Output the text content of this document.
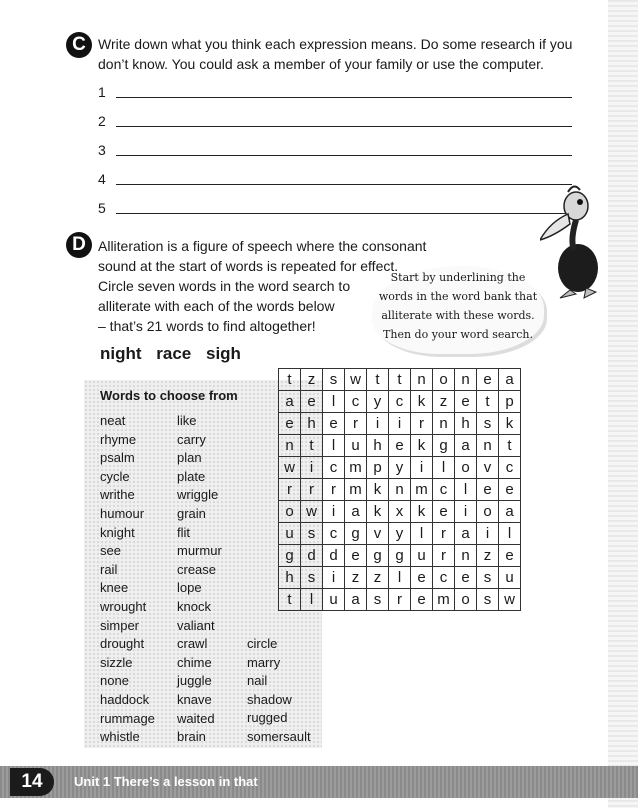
C Write down what you think each expression means. Do some research if you
don’t know. You could ask a member of your family or use the computer.
1
2
3
4
5
D Alliteration is a figure of speech where the consonant
sound at the start of words is repeated for effect.
Circle seven words in the word search to
alliterate with each of the words below
– that’s 21 words to find altogether!
Start by underlining the
words in the word bank that
alliterate with these words.
Then do your word search.
night race sigh
Words to choose from
neat
rhyme
psalm
cycle
writhe
humour
knight
see
rail
knee
wrought
simper
drought
sizzle
none
haddock
rummage
whistle
like
carry
plan
plate
wriggle
grain
flit
murmur
crease
lope
knock
valiant
crawl
chime
juggle
knave
waited
brain
circle
marry
nail
shadow
rugged
somersault
t	z	s	w	t	t	n	o	n	e	a
a	e	l	c	y	c	k	z	e	t	p
e	h	e	r	i	i	r	n	h	s	k
n	t	l	u	h	e	k	g	a	n	t
w	i	c	m	p	y	i	l	o	v	c
r	r	r	m	k	n	m	c	l	e	e
o	w	i	a	k	x	k	e	i	o	a
u	s	c	g	v	y	l	r	a	i	l
g	d	d	e	g	g	u	r	n	z	e
h	s	i	z	z	l	e	c	e	s	u
t	l	u	a	s	r	e	m	o	s	w
14	Unit 1 There’s a lesson in that
